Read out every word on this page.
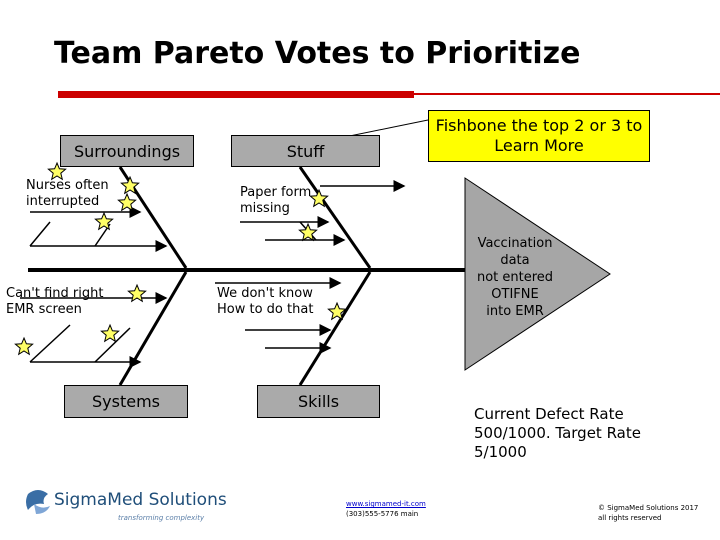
Team Pareto Votes to Prioritize
Surroundings	Stuff
Systems	Skills
Fishbone the top 2 or 3 to Learn More
Nurses often
interrupted
Paper form
missing
Can't find right
EMR screen
We don't know
How to do that
Vaccination
data
not entered
OTIFNE
into EMR
Current Defect Rate 500/1000. Target Rate 5/1000
SigmaMed Solutions
transforming complexity
www.sigmamed-it.com
(303)555-5776 main
© SigmaMed Solutions 2017
all rights reserved
